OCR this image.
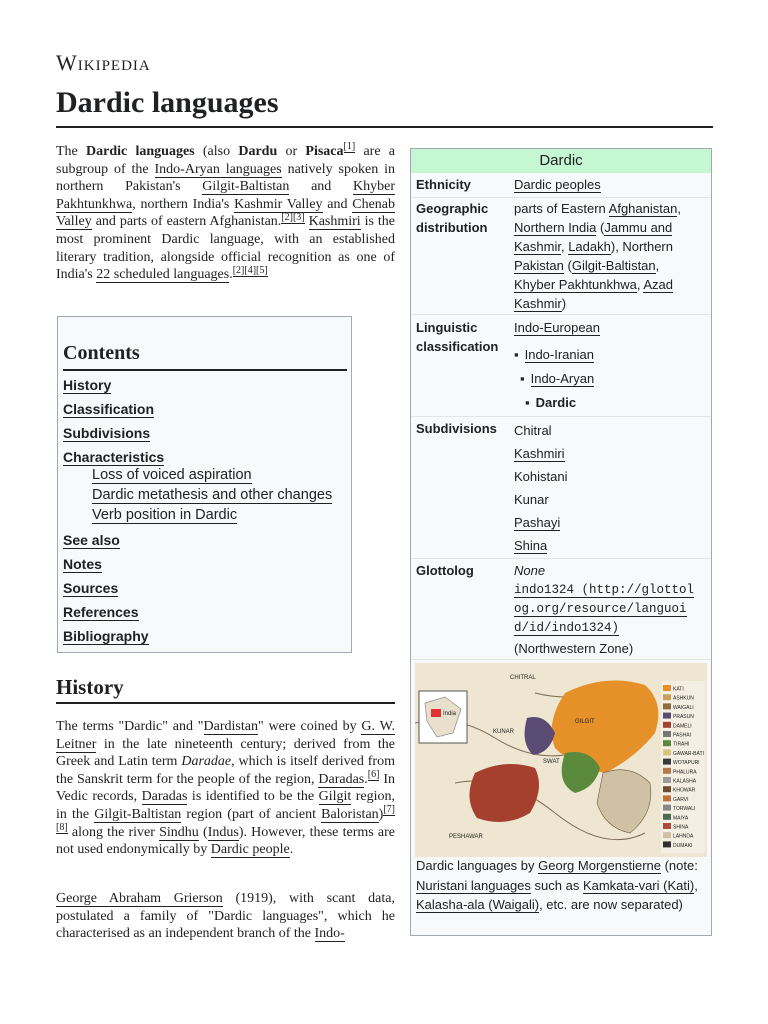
Wikipedia
Dardic languages

The Dardic languages (also Dardu or Pisaca[1] are a subgroup of the Indo-Aryan languages natively spoken in northern Pakistan's Gilgit-Baltistan and Khyber Pakhtunkhwa, northern India's Kashmir Valley and Chenab Valley and parts of eastern Afghanistan.[2][3] Kashmiri is the most prominent Dardic language, with an established literary tradition, alongside official recognition as one of India's 22 scheduled languages.[2][4][5]

Contents
History
Classification
Subdivisions
Characteristics
Loss of voiced aspiration
Dardic metathesis and other changes
Verb position in Dardic
See also
Notes
Sources
References
Bibliography
History

The terms "Dardic" and "Dardistan" were coined by G. W. Leitner in the late nineteenth century; derived from the Greek and Latin term Daradae, which is itself derived from the Sanskrit term for the people of the region, Daradas.[6] In Vedic records, Daradas is identified to be the Gilgit region, in the Gilgit-Baltistan region (part of ancient Baloristan)[7][8] along the river Sindhu (Indus). However, these terms are not used endonymically by Dardic people.

George Abraham Grierson (1919), with scant data, postulated a family of "Dardic languages", which he characterised as an independent branch of the Indo-

Dardic
Ethnicity	Dardic peoples
Geographic distribution
parts of Eastern Afghanistan, Northern India (Jammu and Kashmir, Ladakh), Northern Pakistan (Gilgit-Baltistan, Khyber Pakhtunkhwa, Azad Kashmir)
Linguistic classification
Indo-European
▪ Indo-Iranian
▪ Indo-Aryan
▪ Dardic
Subdivisions Chitral
Kashmiri
Kohistani
Kunar
Pashayi
Shina
Glottolog	None
indo1324 (http://glottolog.org/resource/languoid/id/indo1324)
(Northwestern Zone)
India
KATI
ASHKUN
WAIGALI
PRASUN
DAMELI
PASHAI
TIRAHI
GAWAR-BATI
WOTAPURI
PHALURA
KALASHA
KHOWAR
GARVI
TORWALI
MAIYA
SHINA
LAHNDA
DUMAKI
CHITRAL
GILGIT
KUNAR
SWAT
PESHAWAR
Dardic languages by Georg Morgenstierne (note: Nuristani languages such as Kamkata-vari (Kati), Kalasha-ala (Waigali), etc. are now separated)
